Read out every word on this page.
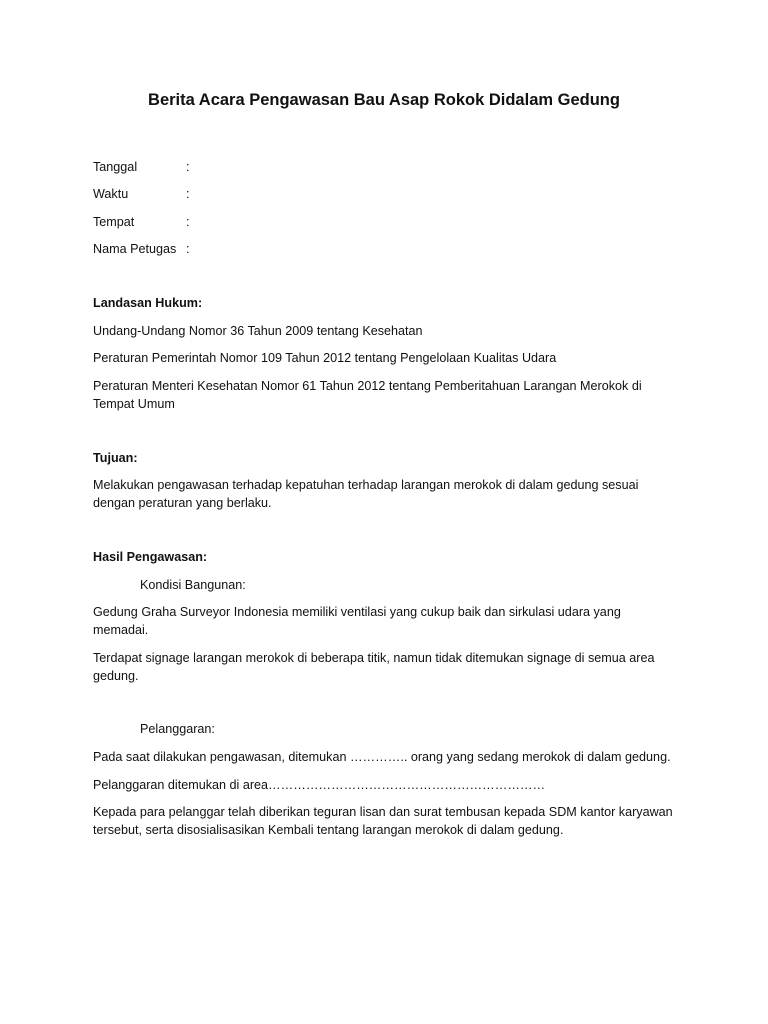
Berita Acara Pengawasan Bau Asap Rokok Didalam Gedung
Tanggal	:
Waktu	:
Tempat	:
Nama Petugas :
Landasan Hukum:
Undang-Undang Nomor 36 Tahun 2009 tentang Kesehatan
Peraturan Pemerintah Nomor 109 Tahun 2012 tentang Pengelolaan Kualitas Udara
Peraturan Menteri Kesehatan Nomor 61 Tahun 2012 tentang Pemberitahuan Larangan Merokok di Tempat Umum
Tujuan:
Melakukan pengawasan terhadap kepatuhan terhadap larangan merokok di dalam gedung sesuai dengan peraturan yang berlaku.
Hasil Pengawasan:
Kondisi Bangunan:
Gedung Graha Surveyor Indonesia memiliki ventilasi yang cukup baik dan sirkulasi udara yang memadai.
Terdapat signage larangan merokok di beberapa titik, namun tidak ditemukan signage di semua area gedung.
Pelanggaran:
Pada saat dilakukan pengawasan, ditemukan ………….. orang yang sedang merokok di dalam gedung.
Pelanggaran ditemukan di area…………………………………………………………
Kepada para pelanggar telah diberikan teguran lisan dan surat tembusan kepada SDM kantor karyawan tersebut, serta disosialisasikan Kembali tentang larangan merokok di dalam gedung.
